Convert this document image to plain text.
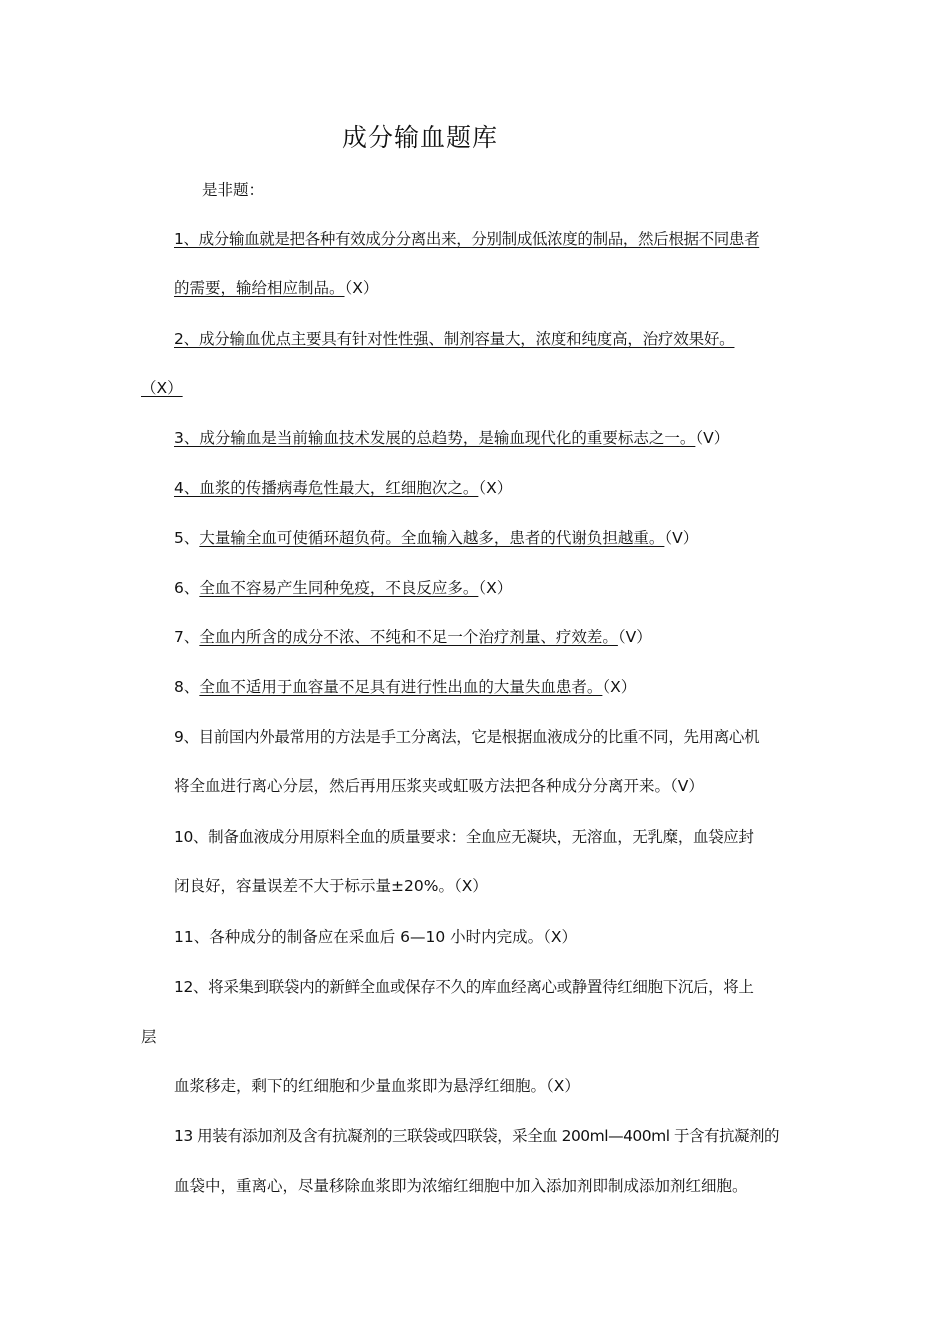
成分输血题库
是非题：
1、成分输血就是把各种有效成分分离出来，分别制成低浓度的制品，然后根据不同患者
的需要，输给相应制品。（X）
2、成分输血优点主要具有针对性性强、制剂容量大，浓度和纯度高，治疗效果好。
（X）
3、成分输血是当前输血技术发展的总趋势，是输血现代化的重要标志之一。（V）
4、血浆的传播病毒危性最大，红细胞次之。（X）
5、大量输全血可使循环超负荷。全血输入越多，患者的代谢负担越重。（V）
6、全血不容易产生同种免疫，不良反应多。（X）
7、全血内所含的成分不浓、不纯和不足一个治疗剂量、疗效差。（V）
8、全血不适用于血容量不足具有进行性出血的大量失血患者。（X）
9、目前国内外最常用的方法是手工分离法，它是根据血液成分的比重不同，先用离心机
将全血进行离心分层，然后再用压浆夹或虹吸方法把各种成分分离开来。（V）
10、制备血液成分用原料全血的质量要求：全血应无凝块，无溶血，无乳糜，血袋应封
闭良好，容量误差不大于标示量±20%。（X）
11、各种成分的制备应在采血后 6—10 小时内完成。（X）
12、将采集到联袋内的新鲜全血或保存不久的库血经离心或静置待红细胞下沉后，将上
层
血浆移走，剩下的红细胞和少量血浆即为悬浮红细胞。（X）
13 用装有添加剂及含有抗凝剂的三联袋或四联袋，采全血 200ml—400ml 于含有抗凝剂的
血袋中，重离心，尽量移除血浆即为浓缩红细胞中加入添加剂即制成添加剂红细胞。
